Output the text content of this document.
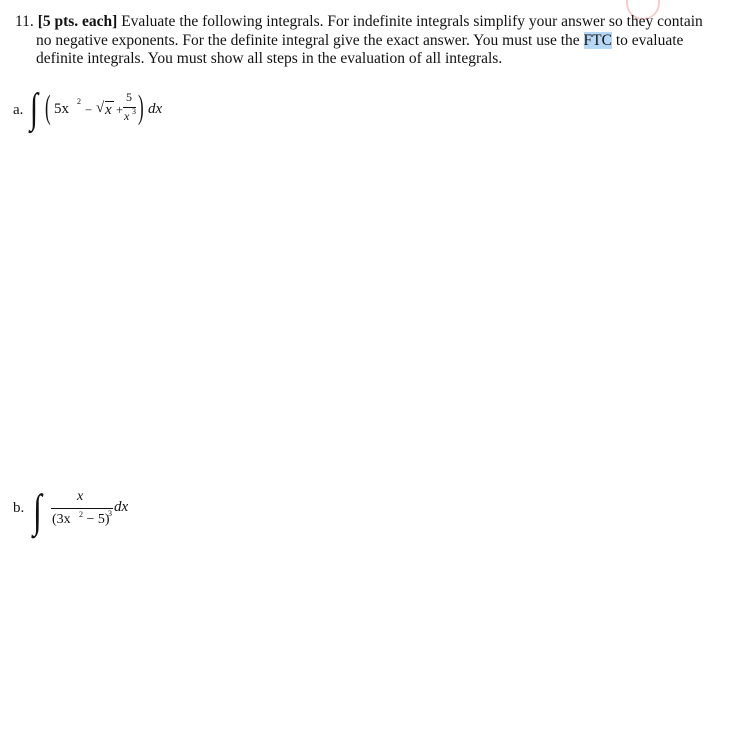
11. [5 pts. each] Evaluate the following integrals. For indefinite integrals simplify your answer so they contain
no negative exponents. For the definite integral give the exact answer. You must use the FTC to evaluate
definite integrals. You must show all steps in the evaluation of all integrals.
a. ∫ ( 5x 2
− √ x +
5
x 3 ) dx
b. ∫	x
(3x 2 − 5)
3 dx
